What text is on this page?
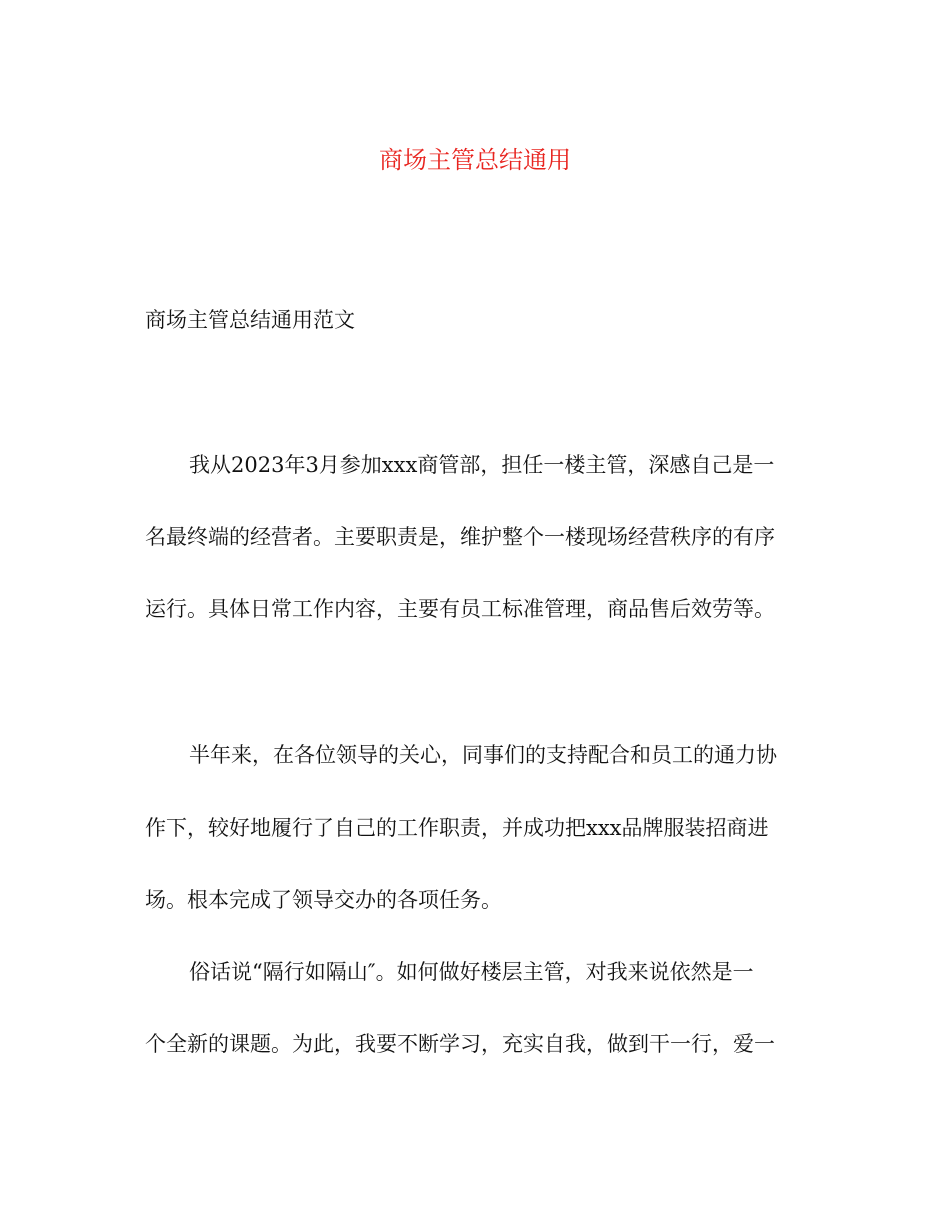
商场主管总结通用
商场主管总结通用范文
我从2023年3月参加xxx商管部，担任一楼主管，深感自己是一
名最终端的经营者。主要职责是，维护整个一楼现场经营秩序的有序
运行。具体日常工作内容，主要有员工标准管理，商品售后效劳等。
半年来，在各位领导的关心，同事们的支持配合和员工的通力协
作下，较好地履行了自己的工作职责，并成功把xxx品牌服装招商进
场。根本完成了领导交办的各项任务。
俗话说“隔行如隔山″。如何做好楼层主管，对我来说依然是一
个全新的课题。为此，我要不断学习，充实自我，做到干一行，爱一
